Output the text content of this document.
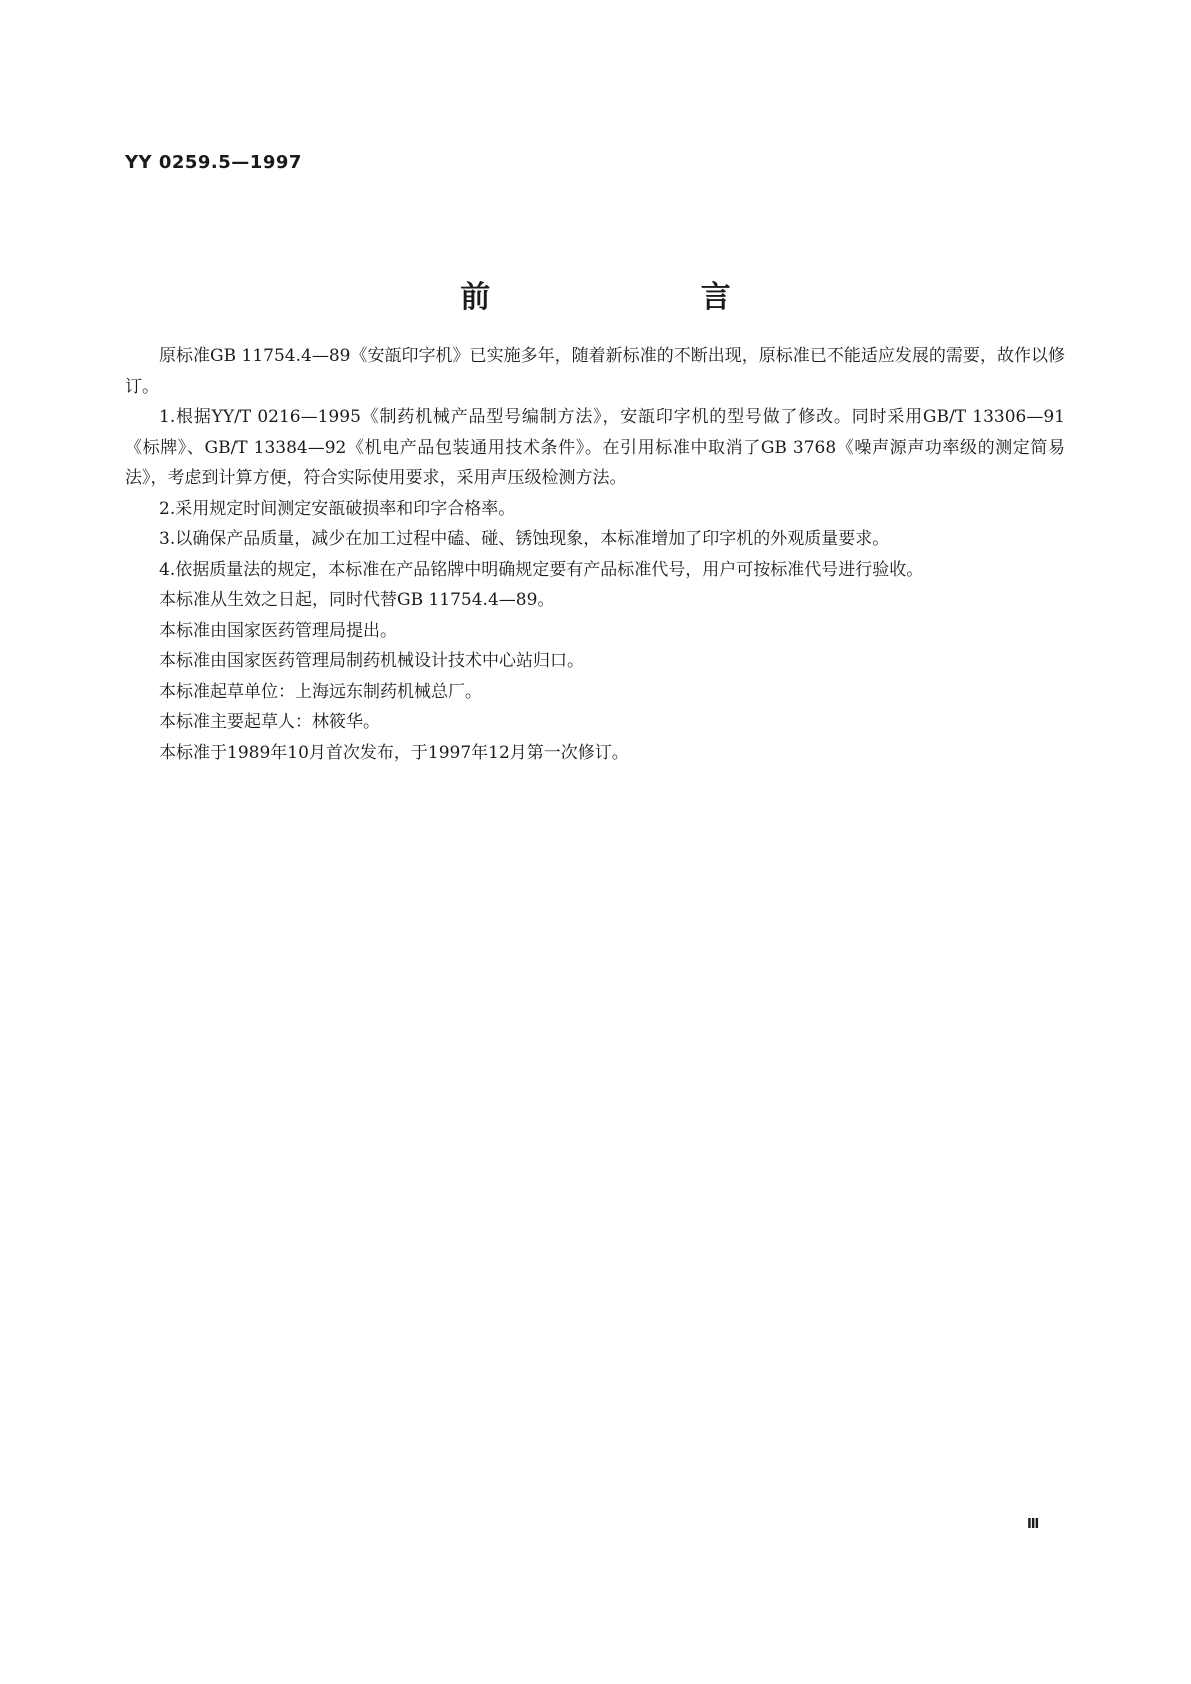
YY 0259.5—1997
前 言

原标准GB 11754.4—89《安瓿印字机》已实施多年，随着新标准的不断出现，原标准已不能适应发展的需要，故作以修订。

1.根据YY/T 0216—1995《制药机械产品型号编制方法》，安瓿印字机的型号做了修改。同时采用GB/T 13306—91《标牌》、GB/T 13384—92《机电产品包装通用技术条件》。在引用标准中取消了GB 3768《噪声源声功率级的测定简易法》，考虑到计算方便，符合实际使用要求，采用声压级检测方法。

2.采用规定时间测定安瓿破损率和印字合格率。

3.以确保产品质量，减少在加工过程中磕、碰、锈蚀现象，本标准增加了印字机的外观质量要求。

4.依据质量法的规定，本标准在产品铭牌中明确规定要有产品标准代号，用户可按标准代号进行验收。

本标准从生效之日起，同时代替GB 11754.4—89。

本标准由国家医药管理局提出。

本标准由国家医药管理局制药机械设计技术中心站归口。

本标准起草单位：上海远东制药机械总厂。

本标准主要起草人：林筱华。

本标准于1989年10月首次发布，于1997年12月第一次修订。

Ⅲ
